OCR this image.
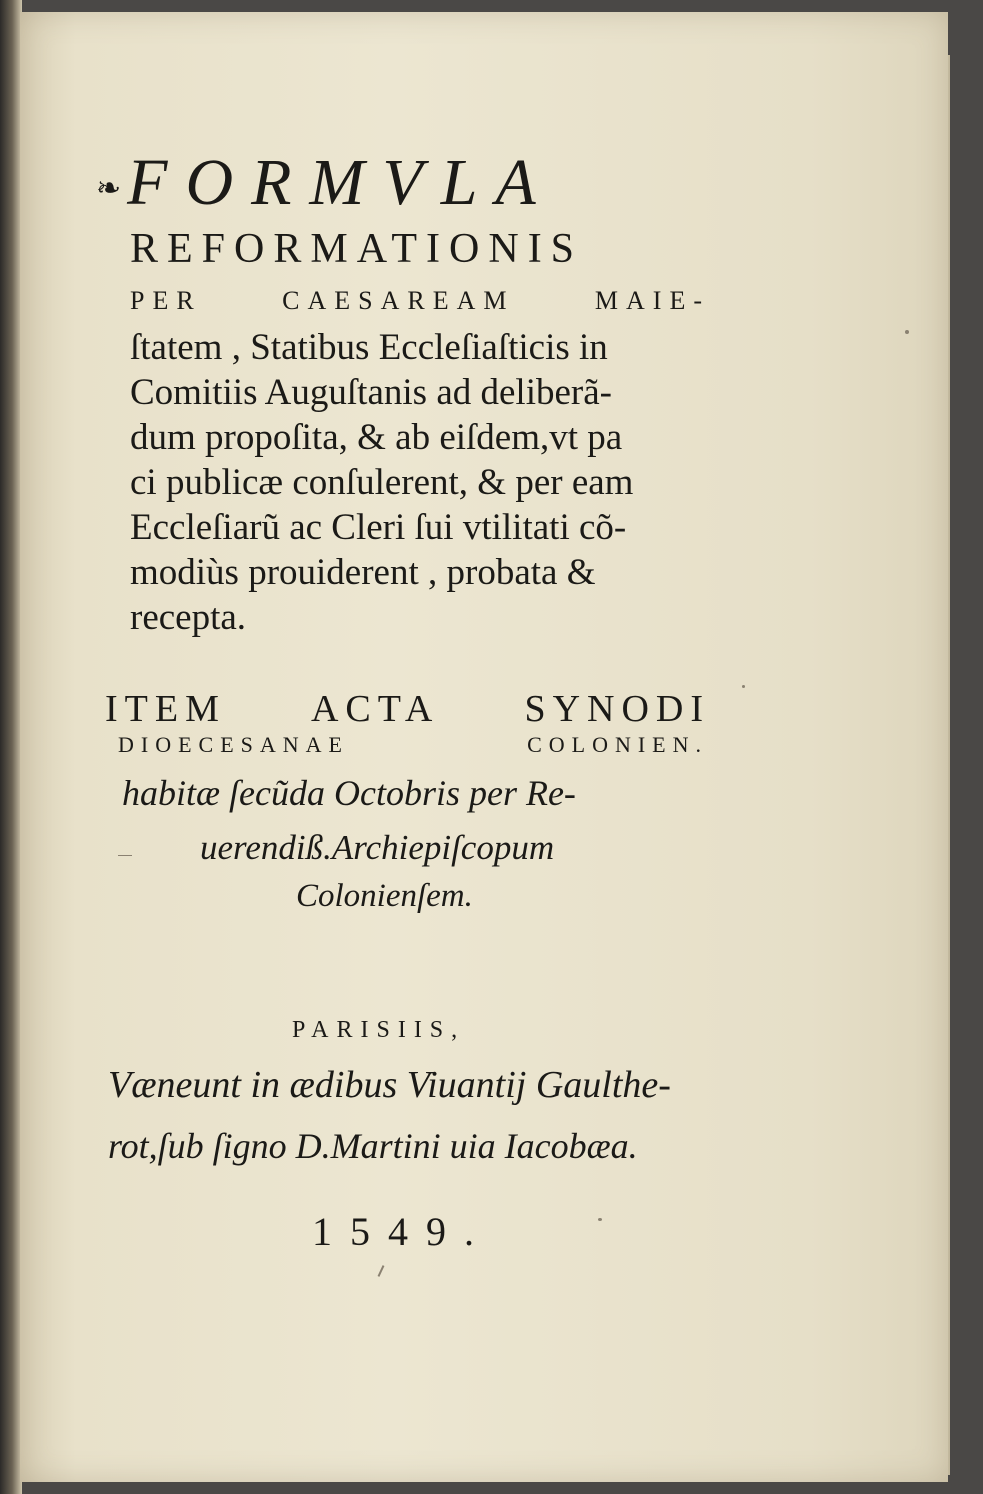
❧FORMVLA
REFORMATIONIS
PER	CAESAREAM	MAIE-
ſtatem , Statibus Eccleſiaſticis in
Comitiis Auguſtanis ad deliberã-
dum propoſita, & ab eiſdem,vt pa
ci publicæ conſulerent, & per eam
Eccleſiarũ ac Cleri ſui vtilitati cõ-
modiùs prouiderent , probata &
recepta.
ITEM ACTA SYNODI
DIOECESANAE	COLONIEN.
habitæ ſecũda Octobris per Re-
uerendiß.Archiepiſcopum
Colonienſem.
PARISIIS,
Væneunt in ædibus Viuantij Gaulthe-
rot,ſub ſigno D.Martini uia Iacobæa.
1549.
